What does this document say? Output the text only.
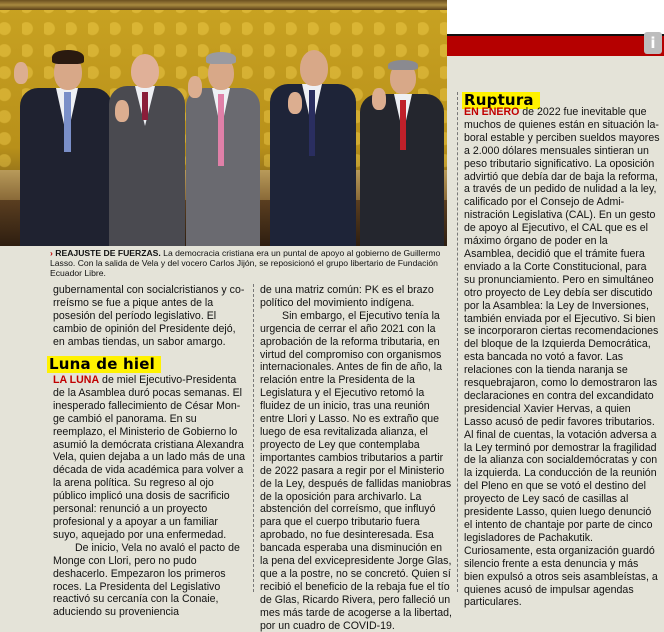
i
› REAJUSTE DE FUERZAS. La democracia cristiana era un puntal de apoyo al gobierno de Guillermo Lasso. Con la salida de Vela y del vocero Carlos Jijón, se reposicionó el grupo libertario de Fundación Ecuador Libre.

gubernamental con socialcristianos y correísmo se fue a pique antes de la posesión del período legislativo. El cambio de opinión del Presidente dejó, en ambas tiendas, un sabor amargo.

Luna de hiel

LA LUNA de miel Ejecutivo-Presidenta de la Asamblea duró pocas semanas. El inesperado fallecimiento de César Monge cambió el panorama. En su reemplazo, el Ministerio de Gobierno lo asumió la demócrata cristiana Alexandra Vela, quien dejaba a un lado más de una década de vida académica para volver a la arena política. Su regreso al ojo público implicó una dosis de sacrificio personal: renunció a un proyecto profesional y a apoyar a un familiar suyo, aquejado por una enfermedad.

De inicio, Vela no avaló el pacto de Monge con Llori, pero no pudo deshacerlo. Empezaron los primeros roces. La Presidenta del Legislativo reactivó su cercanía con la Conaie, aduciendo su proveniencia

de una matriz común: PK es el brazo político del movimiento indígena.

Sin embargo, el Ejecutivo tenía la urgencia de cerrar el año 2021 con la aprobación de la reforma tributaria, en virtud del compromiso con organismos internacionales. Antes de fin de año, la relación entre la Presidenta de la Legislatura y el Ejecutivo retomó la fluidez de un inicio, tras una reunión entre Llori y Lasso. No es extraño que luego de esa revitalizada alianza, el proyecto de Ley que contemplaba importantes cambios tributarios a partir de 2022 pasara a regir por el Ministerio de la Ley, después de fallidas maniobras de la oposición para archivarlo. La abstención del correísmo, que influyó para que el cuerpo tributario fuera aprobado, no fue desinteresada. Esa bancada esperaba una disminución en la pena del exvicepresidente Jorge Glas, que a la postre, no se concretó. Quien sí recibió el beneficio de la rebaja fue el tío de Glas, Ricardo Rivera, pero falleció un mes más tarde de acogerse a la libertad, por un cuadro de COVID-19.

Ruptura

EN ENERO de 2022 fue inevitable que muchos de quienes están en situación laboral estable y perciben sueldos mayores a 2.000 dólares mensuales sintieran un peso tributario significativo. La oposición advirtió que debía dar de baja la reforma, a través de un pedido de nulidad a la ley, calificado por el Consejo de Administración Legislativa (CAL). En un gesto de apoyo al Ejecutivo, el CAL que es el máximo órgano de poder en la Asamblea, decidió que el trámite fuera enviado a la Corte Constitucional, para su pronunciamiento. Pero en simultáneo otro proyecto de Ley debía ser discutido por la Asamblea: la Ley de Inversiones, también enviada por el Ejecutivo. Si bien se incorporaron ciertas recomendaciones del bloque de la Izquierda Democrática, esta bancada no votó a favor. Las relaciones con la tienda naranja se resquebrajaron, como lo demostraron las declaraciones en contra del excandidato presidencial Xavier Hervas, a quien Lasso acusó de pedir favores tributarios. Al final de cuentas, la votación adversa a la Ley terminó por demostrar la fragilidad de la alianza con socialdemócratas y con la izquierda. La conducción de la reunión del Pleno en que se votó el destino del proyecto de Ley sacó de casillas al presidente Lasso, quien luego denunció el intento de chantaje por parte de cinco legisladores de Pachakutik. Curiosamente, esta organización guardó silencio frente a esta denuncia y más bien expulsó a otros seis asambleístas, a quienes acusó de impulsar agendas particulares.
